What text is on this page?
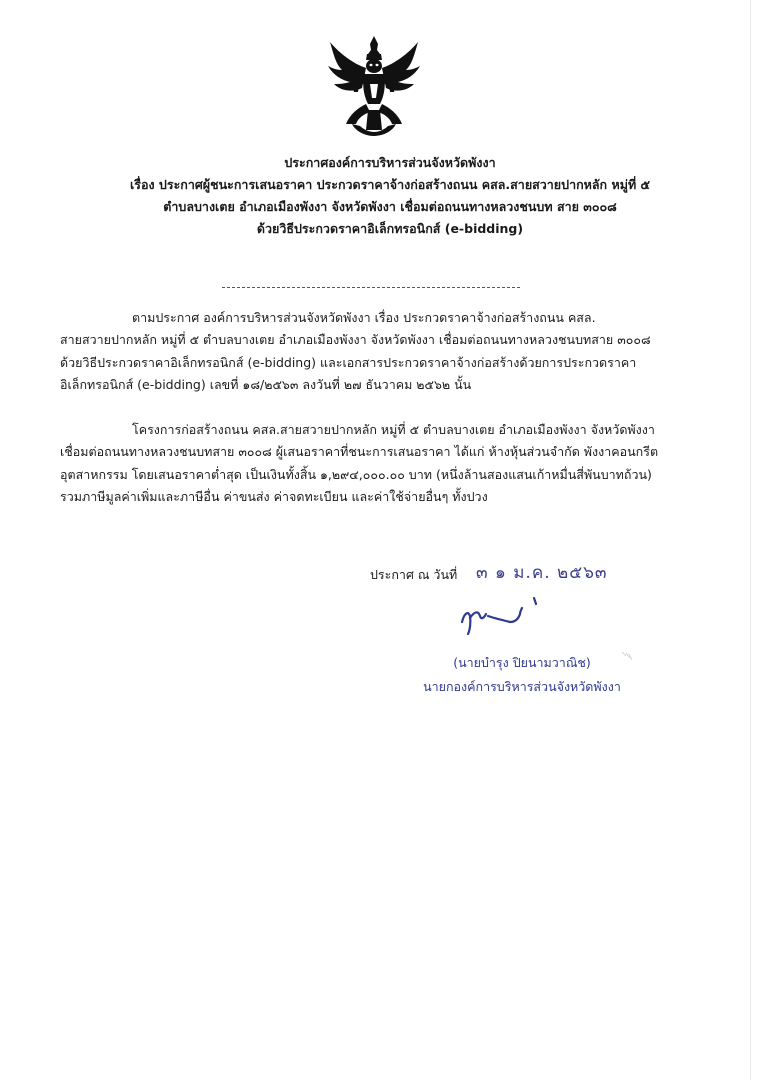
ประกาศองค์การบริหารส่วนจังหวัดพังงา
เรื่อง ประกาศผู้ชนะการเสนอราคา ประกวดราคาจ้างก่อสร้างถนน คสล.สายสวายปากหลัก หมู่ที่ ๕
ตำบลบางเตย อำเภอเมืองพังงา จังหวัดพังงา เชื่อมต่อถนนทางหลวงชนบท สาย ๓๐๐๘
ด้วยวิธีประกวดราคาอิเล็กทรอนิกส์ (e-bidding)
ตามประกาศ องค์การบริหารส่วนจังหวัดพังงา เรื่อง ประกวดราคาจ้างก่อสร้างถนน คสล.
สายสวายปากหลัก หมู่ที่ ๕ ตำบลบางเตย อำเภอเมืองพังงา จังหวัดพังงา เชื่อมต่อถนนทางหลวงชนบทสาย ๓๐๐๘
ด้วยวิธีประกวดราคาอิเล็กทรอนิกส์ (e-bidding) และเอกสารประกวดราคาจ้างก่อสร้างด้วยการประกวดราคา
อิเล็กทรอนิกส์ (e-bidding) เลขที่ ๑๘/๒๕๖๓ ลงวันที่ ๒๗ ธันวาคม ๒๕๖๒ นั้น
โครงการก่อสร้างถนน คสล.สายสวายปากหลัก หมู่ที่ ๕ ตำบลบางเตย อำเภอเมืองพังงา จังหวัดพังงา
เชื่อมต่อถนนทางหลวงชนบทสาย ๓๐๐๘ ผู้เสนอราคาที่ชนะการเสนอราคา ได้แก่ ห้างหุ้นส่วนจำกัด พังงาคอนกรีต
อุตสาหกรรม โดยเสนอราคาต่ำสุด เป็นเงินทั้งสิ้น ๑,๒๙๔,๐๐๐.๐๐ บาท (หนึ่งล้านสองแสนเก้าหมื่นสี่พันบาทถ้วน)
รวมภาษีมูลค่าเพิ่มและภาษีอื่น ค่าขนส่ง ค่าจดทะเบียน และค่าใช้จ่ายอื่นๆ ทั้งปวง
ประกาศ ณ วันที่ ๓ ๑ ม.ค. ๒๕๖๓
(นายบำรุง ปิยนามวาณิช)
นายกองค์การบริหารส่วนจังหวัดพังงา
